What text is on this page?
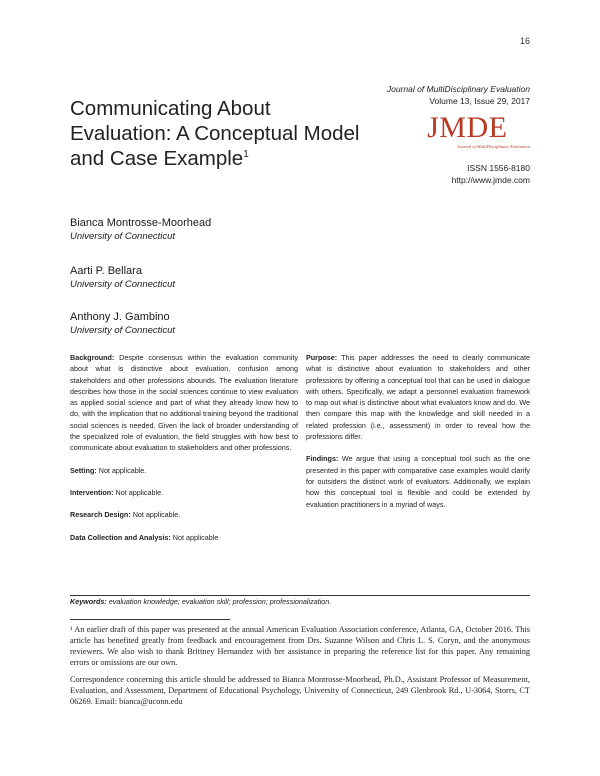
16
Communicating About Evaluation: A Conceptual Model and Case Example$^1$
Journal of MultiDisciplinary Evaluation
Volume 13, Issue 29, 2017
JMDE
Journal of MultiDisciplinary Evaluation
ISSN 1556-8180
http://www.jmde.com
Bianca Montrosse-Moorhead
University of Connecticut
Aarti P. Bellara
University of Connecticut
Anthony J. Gambino
University of Connecticut

Background: Despite consensus within the evaluation community about what is distinctive about evaluation, confusion among stakeholders and other professions abounds. The evaluation literature describes how those in the social sciences continue to view evaluation as applied social science and part of what they already know how to do, with the implication that no additional training beyond the traditional social sciences is needed. Given the lack of broader understanding of the specialized role of evaluation, the field struggles with how best to communicate about evaluation to stakeholders and other professions.

Setting: Not applicable.

Intervention: Not applicable.

Research Design: Not applicable.

Data Collection and Analysis: Not applicable

Purpose: This paper addresses the need to clearly communicate what is distinctive about evaluation to stakeholders and other professions by offering a conceptual tool that can be used in dialogue with others. Specifically, we adapt a personnel evaluation framework to map out what is distinctive about what evaluators know and do. We then compare this map with the knowledge and skill needed in a related profession (i.e., assessment) in order to reveal how the professions differ.

Findings: We argue that using a conceptual tool such as the one presented in this paper with comparative case examples would clarify for outsiders the distinct work of evaluators. Additionally, we explain how this conceptual tool is flexible and could be extended by evaluation practitioners in a myriad of ways.

Keywords: evaluation knowledge; evaluation skill; profession; professionalization.
¹ An earlier draft of this paper was presented at the annual American Evaluation Association conference, Atlanta, GA, October 2016. This article has benefited greatly from feedback and encouragement from Drs. Suzanne Wilson and Chris L. S. Coryn, and the anonymous reviewers. We also wish to thank Brittney Hernandez with her assistance in preparing the reference list for this paper. Any remaining errors or omissions are our own.
Correspondence concerning this article should be addressed to Bianca Montrosse-Moorhead, Ph.D., Assistant Professor of Measurement, Evaluation, and Assessment, Department of Educational Psychology, University of Connecticut, 249 Glenbrook Rd., U-3064, Storrs, CT 06269. Email: bianca@uconn.edu
